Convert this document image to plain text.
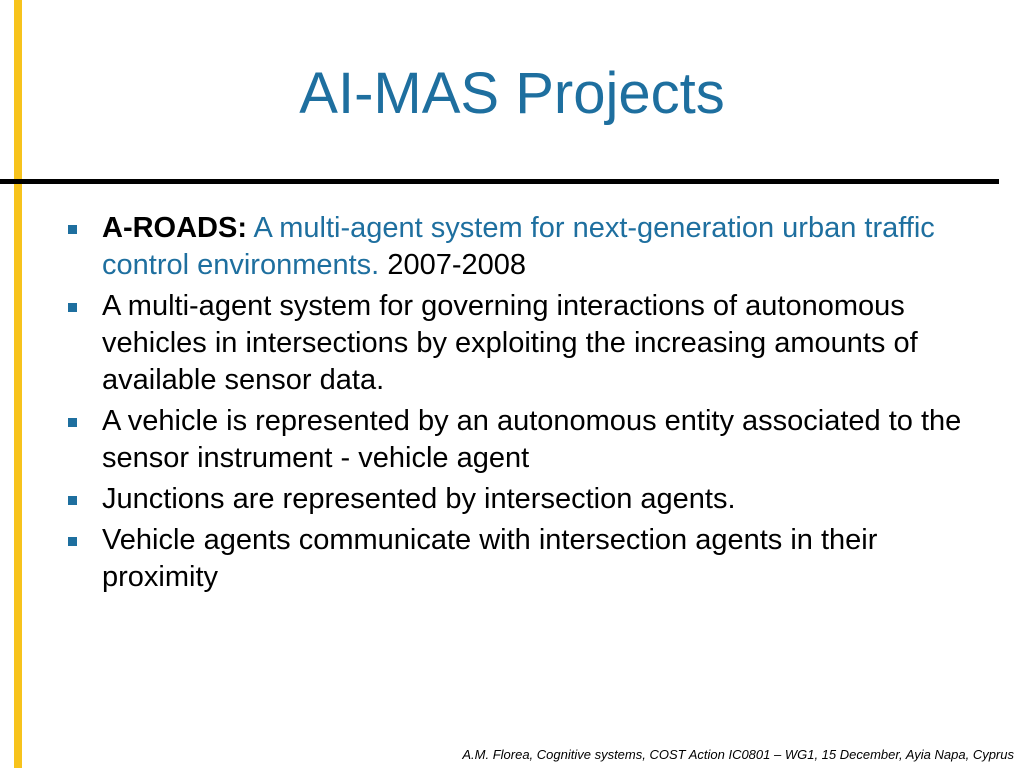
AI-MAS Projects
A-ROADS: A multi-agent system for next-generation urban traffic control environments. 2007-2008
A multi-agent system for governing interactions of autonomous vehicles in intersections by exploiting the increasing amounts of available sensor data.
A vehicle is represented by an autonomous entity associated to the sensor instrument - vehicle agent
Junctions are represented by intersection agents.
Vehicle agents communicate with intersection agents in their proximity
A.M. Florea, Cognitive systems, COST Action IC0801 – WG1, 15 December, Ayia Napa, Cyprus
